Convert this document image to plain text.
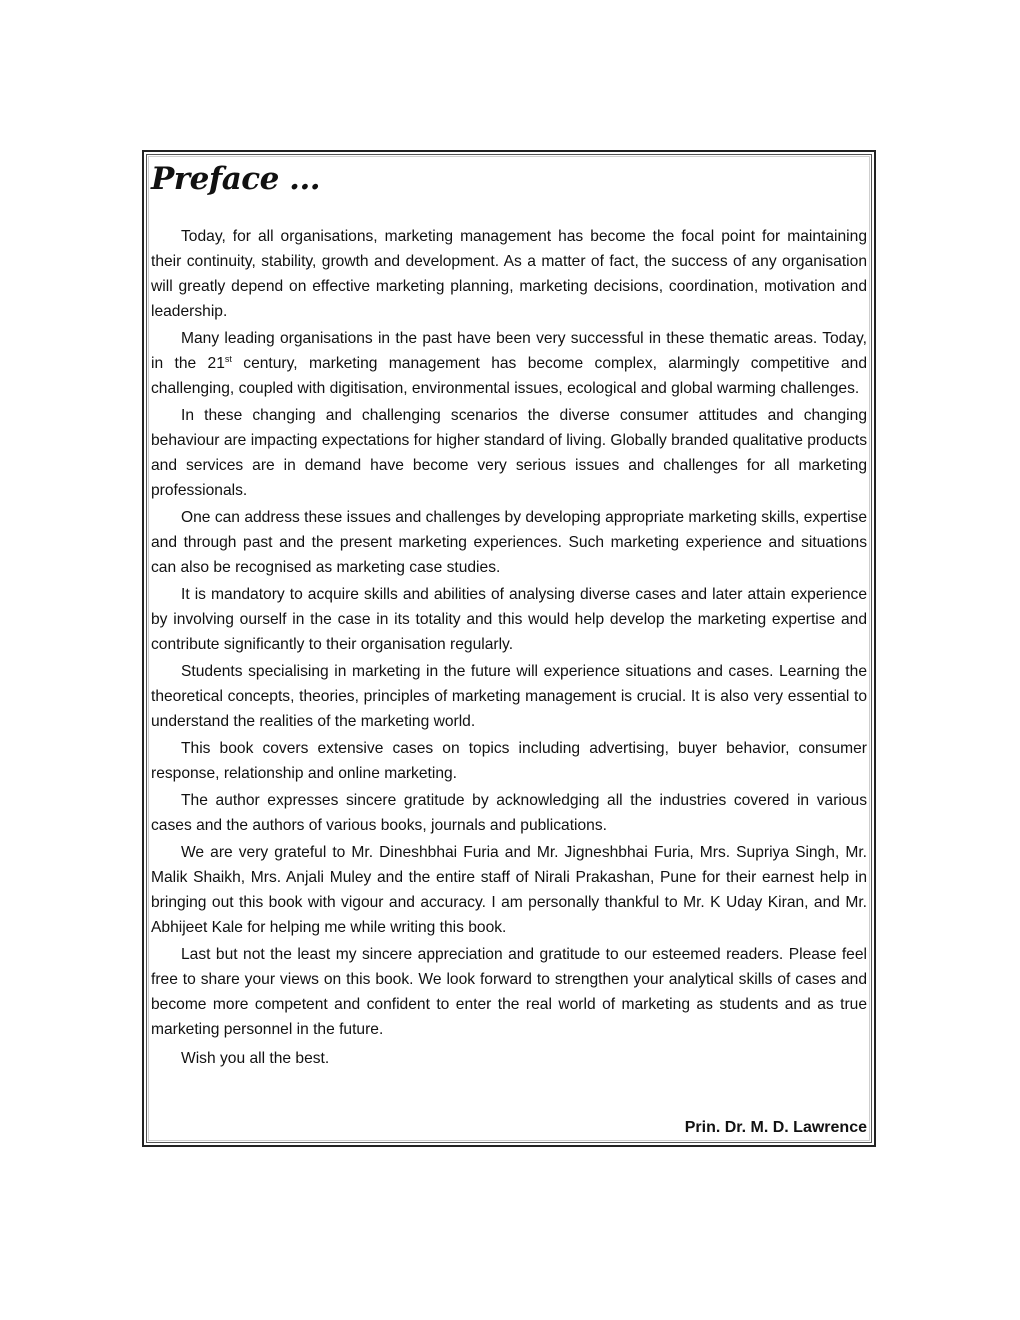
Preface ...

Today, for all organisations, marketing management has become the focal point for maintaining their continuity, stability, growth and development. As a matter of fact, the success of any organisation will greatly depend on effective marketing planning, marketing decisions, coordination, motivation and leadership.

Many leading organisations in the past have been very successful in these thematic areas. Today, in the 21st century, marketing management has become complex, alarmingly competitive and challenging, coupled with digitisation, environmental issues, ecological and global warming challenges.

In these changing and challenging scenarios the diverse consumer attitudes and changing behaviour are impacting expectations for higher standard of living. Globally branded qualitative products and services are in demand have become very serious issues and challenges for all marketing professionals.

One can address these issues and challenges by developing appropriate marketing skills, expertise and through past and the present marketing experiences. Such marketing experience and situations can also be recognised as marketing case studies.

It is mandatory to acquire skills and abilities of analysing diverse cases and later attain experience by involving ourself in the case in its totality and this would help develop the marketing expertise and contribute significantly to their organisation regularly.

Students specialising in marketing in the future will experience situations and cases. Learning the theoretical concepts, theories, principles of marketing management is crucial. It is also very essential to understand the realities of the marketing world.

This book covers extensive cases on topics including advertising, buyer behavior, consumer response, relationship and online marketing.

The author expresses sincere gratitude by acknowledging all the industries covered in various cases and the authors of various books, journals and publications.

We are very grateful to Mr. Dineshbhai Furia and Mr. Jigneshbhai Furia, Mrs. Supriya Singh, Mr. Malik Shaikh, Mrs. Anjali Muley and the entire staff of Nirali Prakashan, Pune for their earnest help in bringing out this book with vigour and accuracy. I am personally thankful to Mr. K Uday Kiran, and Mr. Abhijeet Kale for helping me while writing this book.

Last but not the least my sincere appreciation and gratitude to our esteemed readers. Please feel free to share your views on this book. We look forward to strengthen your analytical skills of cases and become more competent and confident to enter the real world of marketing as students and as true marketing personnel in the future.

Wish you all the best.

Prin. Dr. M. D. Lawrence
